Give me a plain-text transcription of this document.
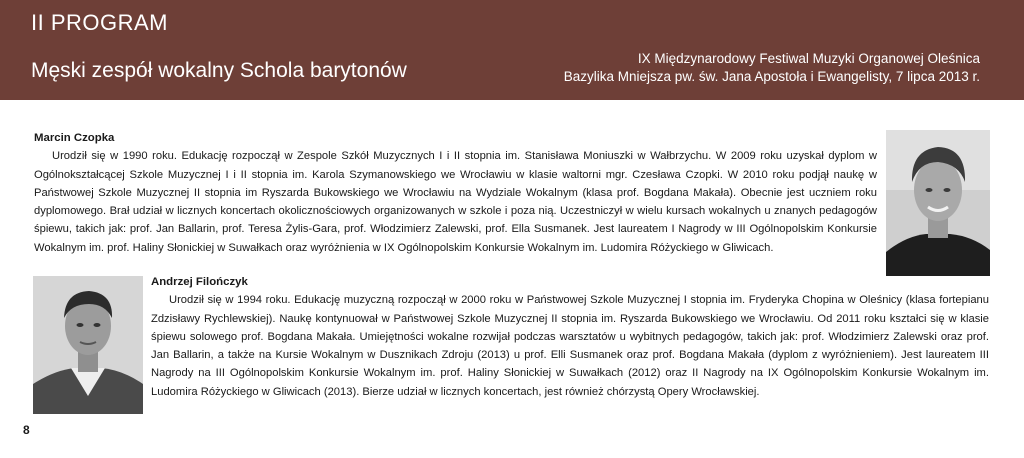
II PROGRAM
Męski zespół wokalny Schola barytonów
IX Międzynarodowy Festiwal Muzyki Organowej Oleśnica
Bazylika Mniejsza pw. św. Jana Apostoła i Ewangelisty, 7 lipca 2013 r.
Marcin Czopka
Urodził się w 1990 roku. Edukację rozpoczął w Zespole Szkół Muzycznych I i II stopnia im. Stanisława Moniuszki w Wałbrzychu. W 2009 roku uzyskał dyplom w Ogólnokształcącej Szkole Muzycznej I i II stopnia im. Karola Szymanowskiego we Wrocławiu w klasie waltorni mgr. Czesława Czopki. W 2010 roku podjął naukę w Państwowej Szkole Muzycznej II stopnia im Ryszarda Bukowskiego we Wrocławiu na Wydziale Wokalnym (klasa prof. Bogdana Makała). Obecnie jest uczniem roku dyplomowego. Brał udział w licznych koncertach okolicznościowych organizowanych w szkole i poza nią. Uczestniczył w wielu kursach wokalnych u znanych pedagogów śpiewu, takich jak: prof. Jan Ballarin, prof. Teresa Żylis-Gara, prof. Włodzimierz Zalewski, prof. Ella Susmanek. Jest laureatem I Nagrody w III Ogólnopolskim Konkursie Wokalnym im. prof. Haliny Słonickiej w Suwałkach oraz wyróżnienia w IX Ogólnopolskim Konkursie Wokalnym im. Ludomira Różyckiego w Gliwicach.
Andrzej Filończyk
Urodził się w 1994 roku. Edukację muzyczną rozpoczął w 2000 roku w Państwowej Szkole Muzycznej I stopnia im. Fryderyka Chopina w Oleśnicy (klasa fortepianu Zdzisławy Rychlewskiej). Naukę kontynuował w Państwowej Szkole Muzycznej II stopnia im. Ryszarda Bukowskiego we Wrocławiu. Od 2011 roku kształci się w klasie śpiewu solowego prof. Bogdana Makała. Umiejętności wokalne rozwijał podczas warsztatów u wybitnych pedagogów, takich jak: prof. Włodzimierz Zalewski oraz prof. Jan Ballarin, a także na Kursie Wokalnym w Dusznikach Zdroju (2013) u prof. Elli Susmanek oraz prof. Bogdana Makała (dyplom z wyróżnieniem). Jest laureatem III Nagrody na III Ogólnopolskim Konkursie Wokalnym im. prof. Haliny Słonickiej w Suwałkach (2012) oraz II Nagrody na IX Ogólnopolskim Konkursie Wokalnym im. Ludomira Różyckiego w Gliwicach (2013). Bierze udział w licznych koncertach, jest również chórzystą Opery Wrocławskiej.
8
